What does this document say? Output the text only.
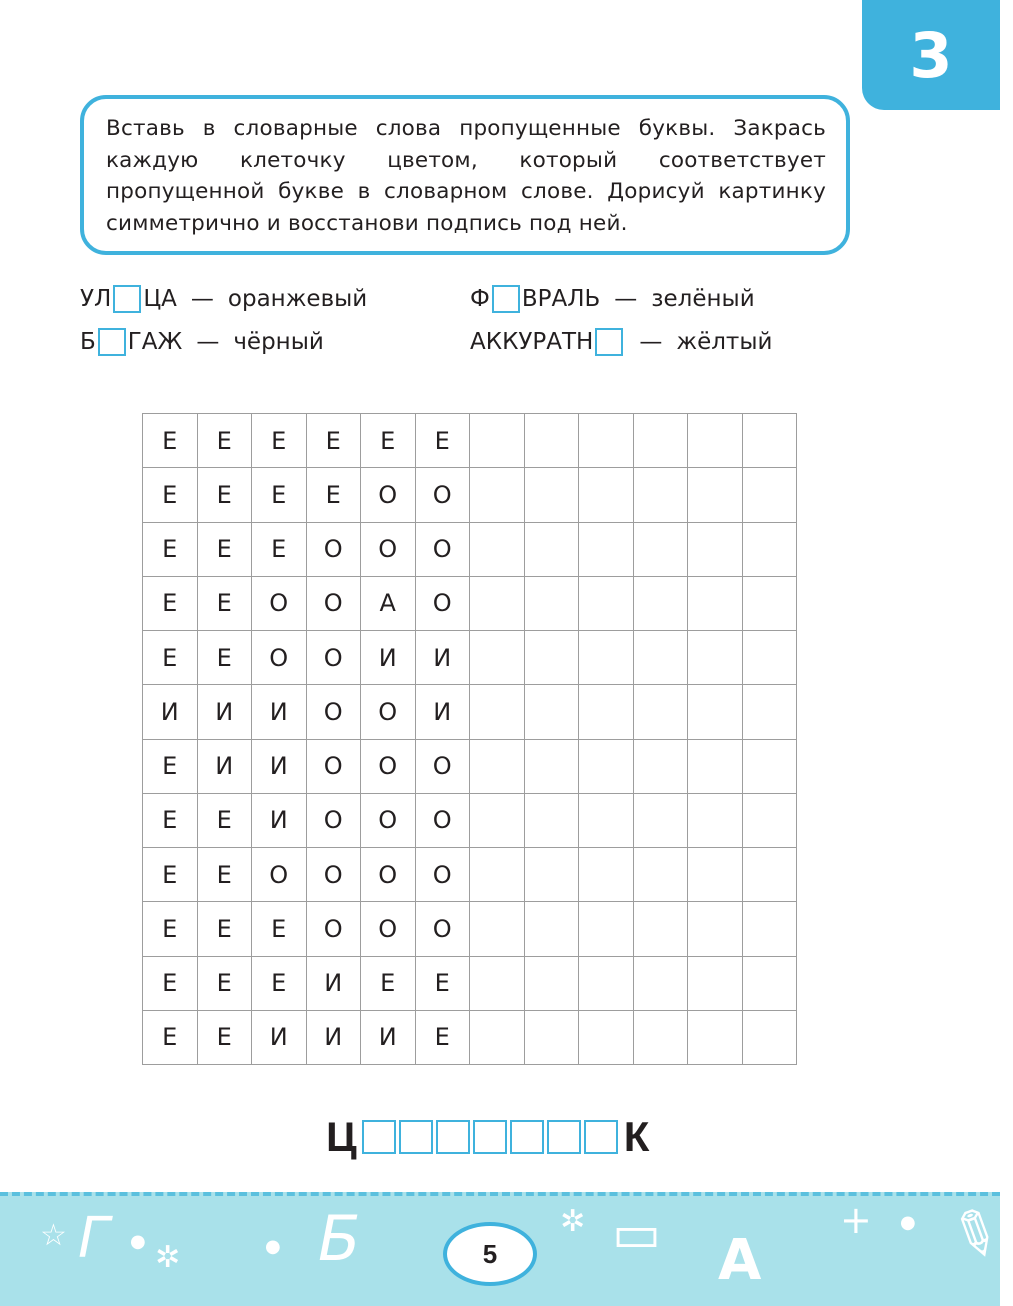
3

Вставь в словарные слова пропущенные буквы. Закрась каждую клеточку цветом, который соответствует пропущенной букве в словарном слове. Дорисуй картинку симметрично и восстанови подпись под ней.

УЛ ЦА — оранжевый	Ф ВРАЛЬ — зелёный
Б ГАЖ — чёрный	АККУРАТН — жёлтый
Е	Е	Е	Е	Е	Е						
Е	Е	Е	Е	О	О						
Е	Е	Е	О	О	О						
Е	Е	О	О	А	О						
Е	Е	О	О	И	И						
И	И	И	О	О	И						
Е	И	И	О	О	О						
Е	Е	И	О	О	О						
Е	Е	О	О	О	О						
Е	Е	Е	О	О	О						
Е	Е	Е	И	Е	Е						
Е	Е	И	И	И	Е						
Ц	К
☆ Г ● ✲	● Б	✲ ▭ А
+ ● ✎
5
